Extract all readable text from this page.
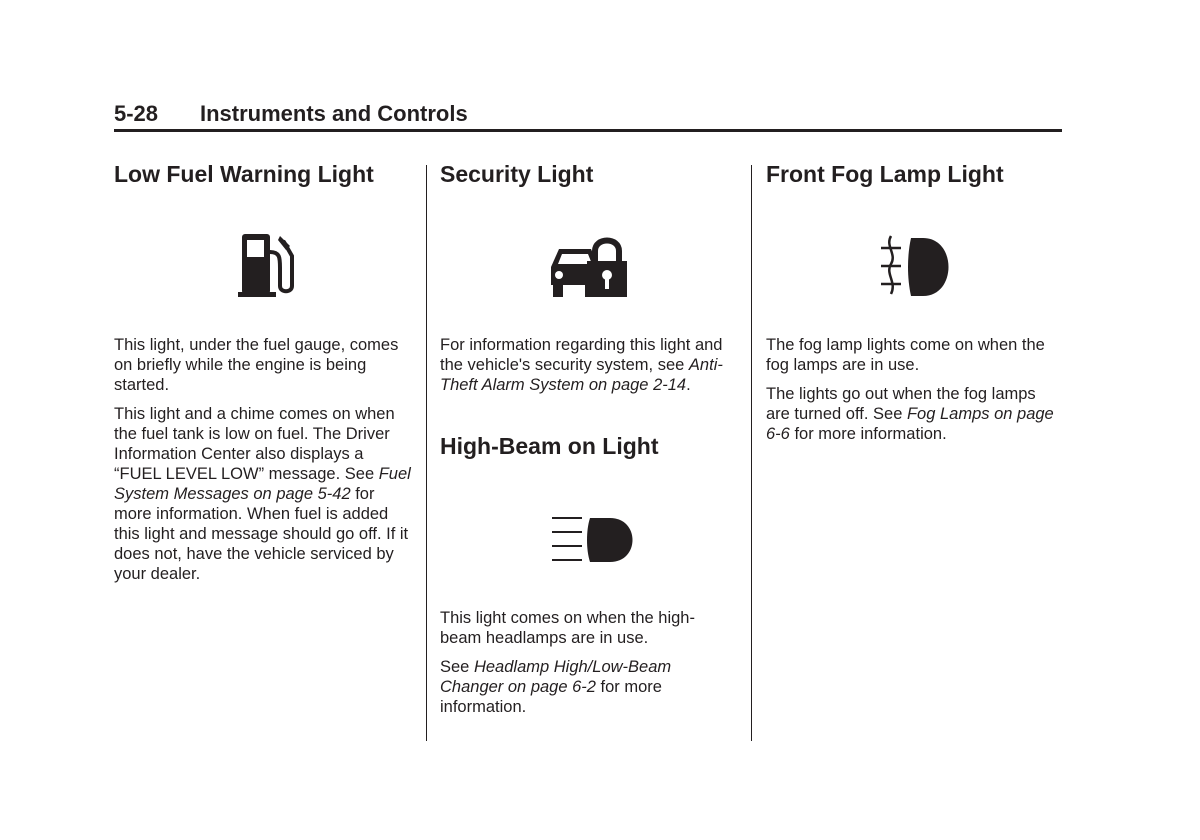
5-28 Instruments and Controls
Low Fuel Warning Light

This light, under the fuel gauge, comes on briefly while the engine is being started.

This light and a chime comes on when the fuel tank is low on fuel. The Driver Information Center also displays a “FUEL LEVEL LOW” message. See Fuel System Messages on page 5-42 for more information. When fuel is added this light and message should go off. If it does not, have the vehicle serviced by your dealer.

Security Light

For information regarding this light and the vehicle's security system, see Anti-Theft Alarm System on page 2-14.

High-Beam on Light

This light comes on when the high-beam headlamps are in use.

See Headlamp High/Low-Beam Changer on page 6-2 for more information.

Front Fog Lamp Light

The fog lamp lights come on when the fog lamps are in use.

The lights go out when the fog lamps are turned off. See Fog Lamps on page 6-6 for more information.
